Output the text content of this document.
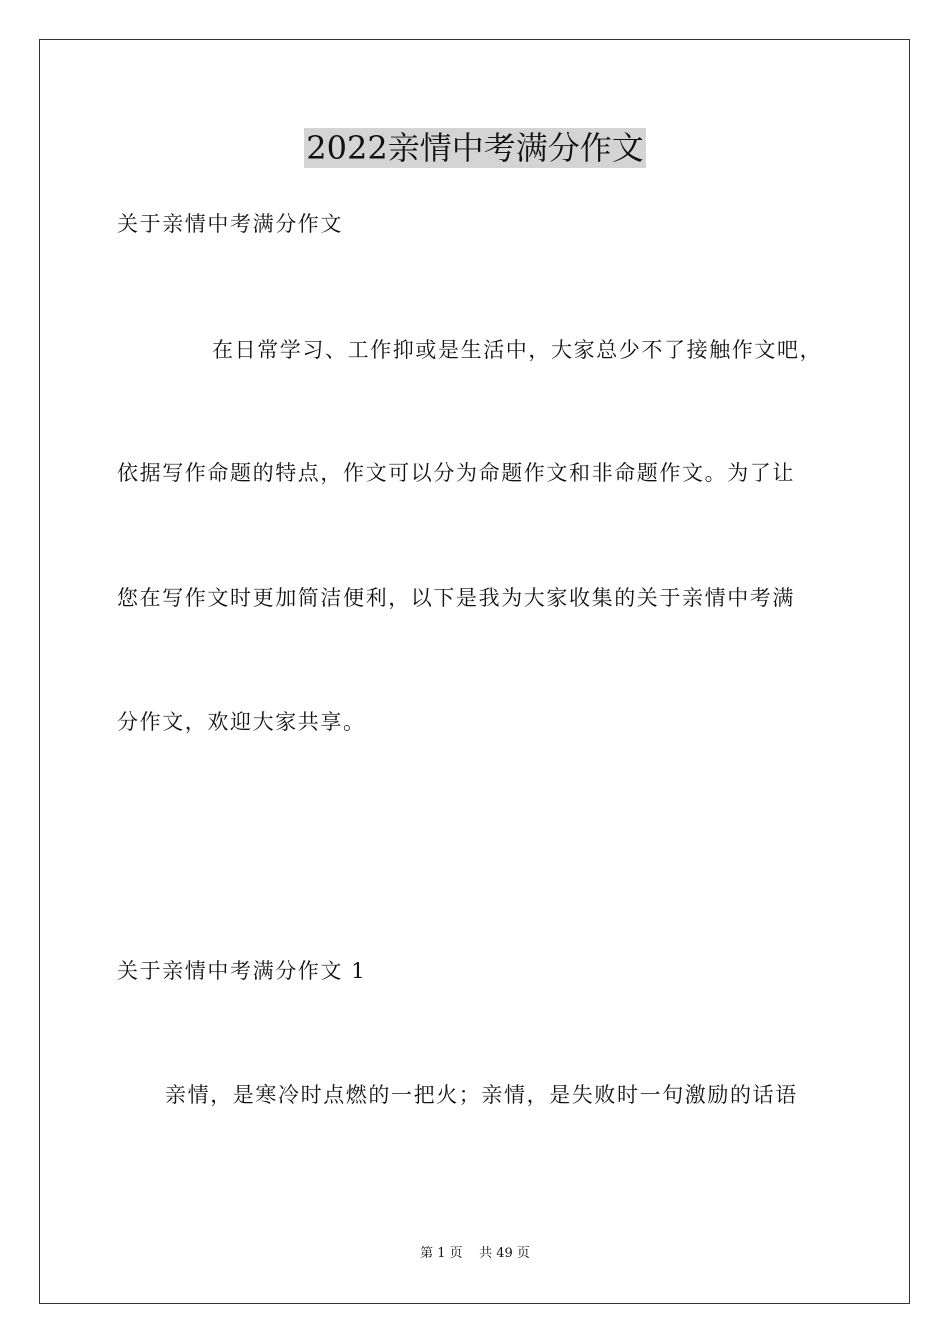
2022亲情中考满分作文
关于亲情中考满分作文
在日常学习、工作抑或是生活中，大家总少不了接触作文吧，
依据写作命题的特点，作文可以分为命题作文和非命题作文。为了让
您在写作文时更加简洁便利，以下是我为大家收集的关于亲情中考满
分作文，欢迎大家共享。
关于亲情中考满分作文 1
亲情，是寒冷时点燃的一把火；亲情，是失败时一句激励的话语
第 1 页    共 49 页
